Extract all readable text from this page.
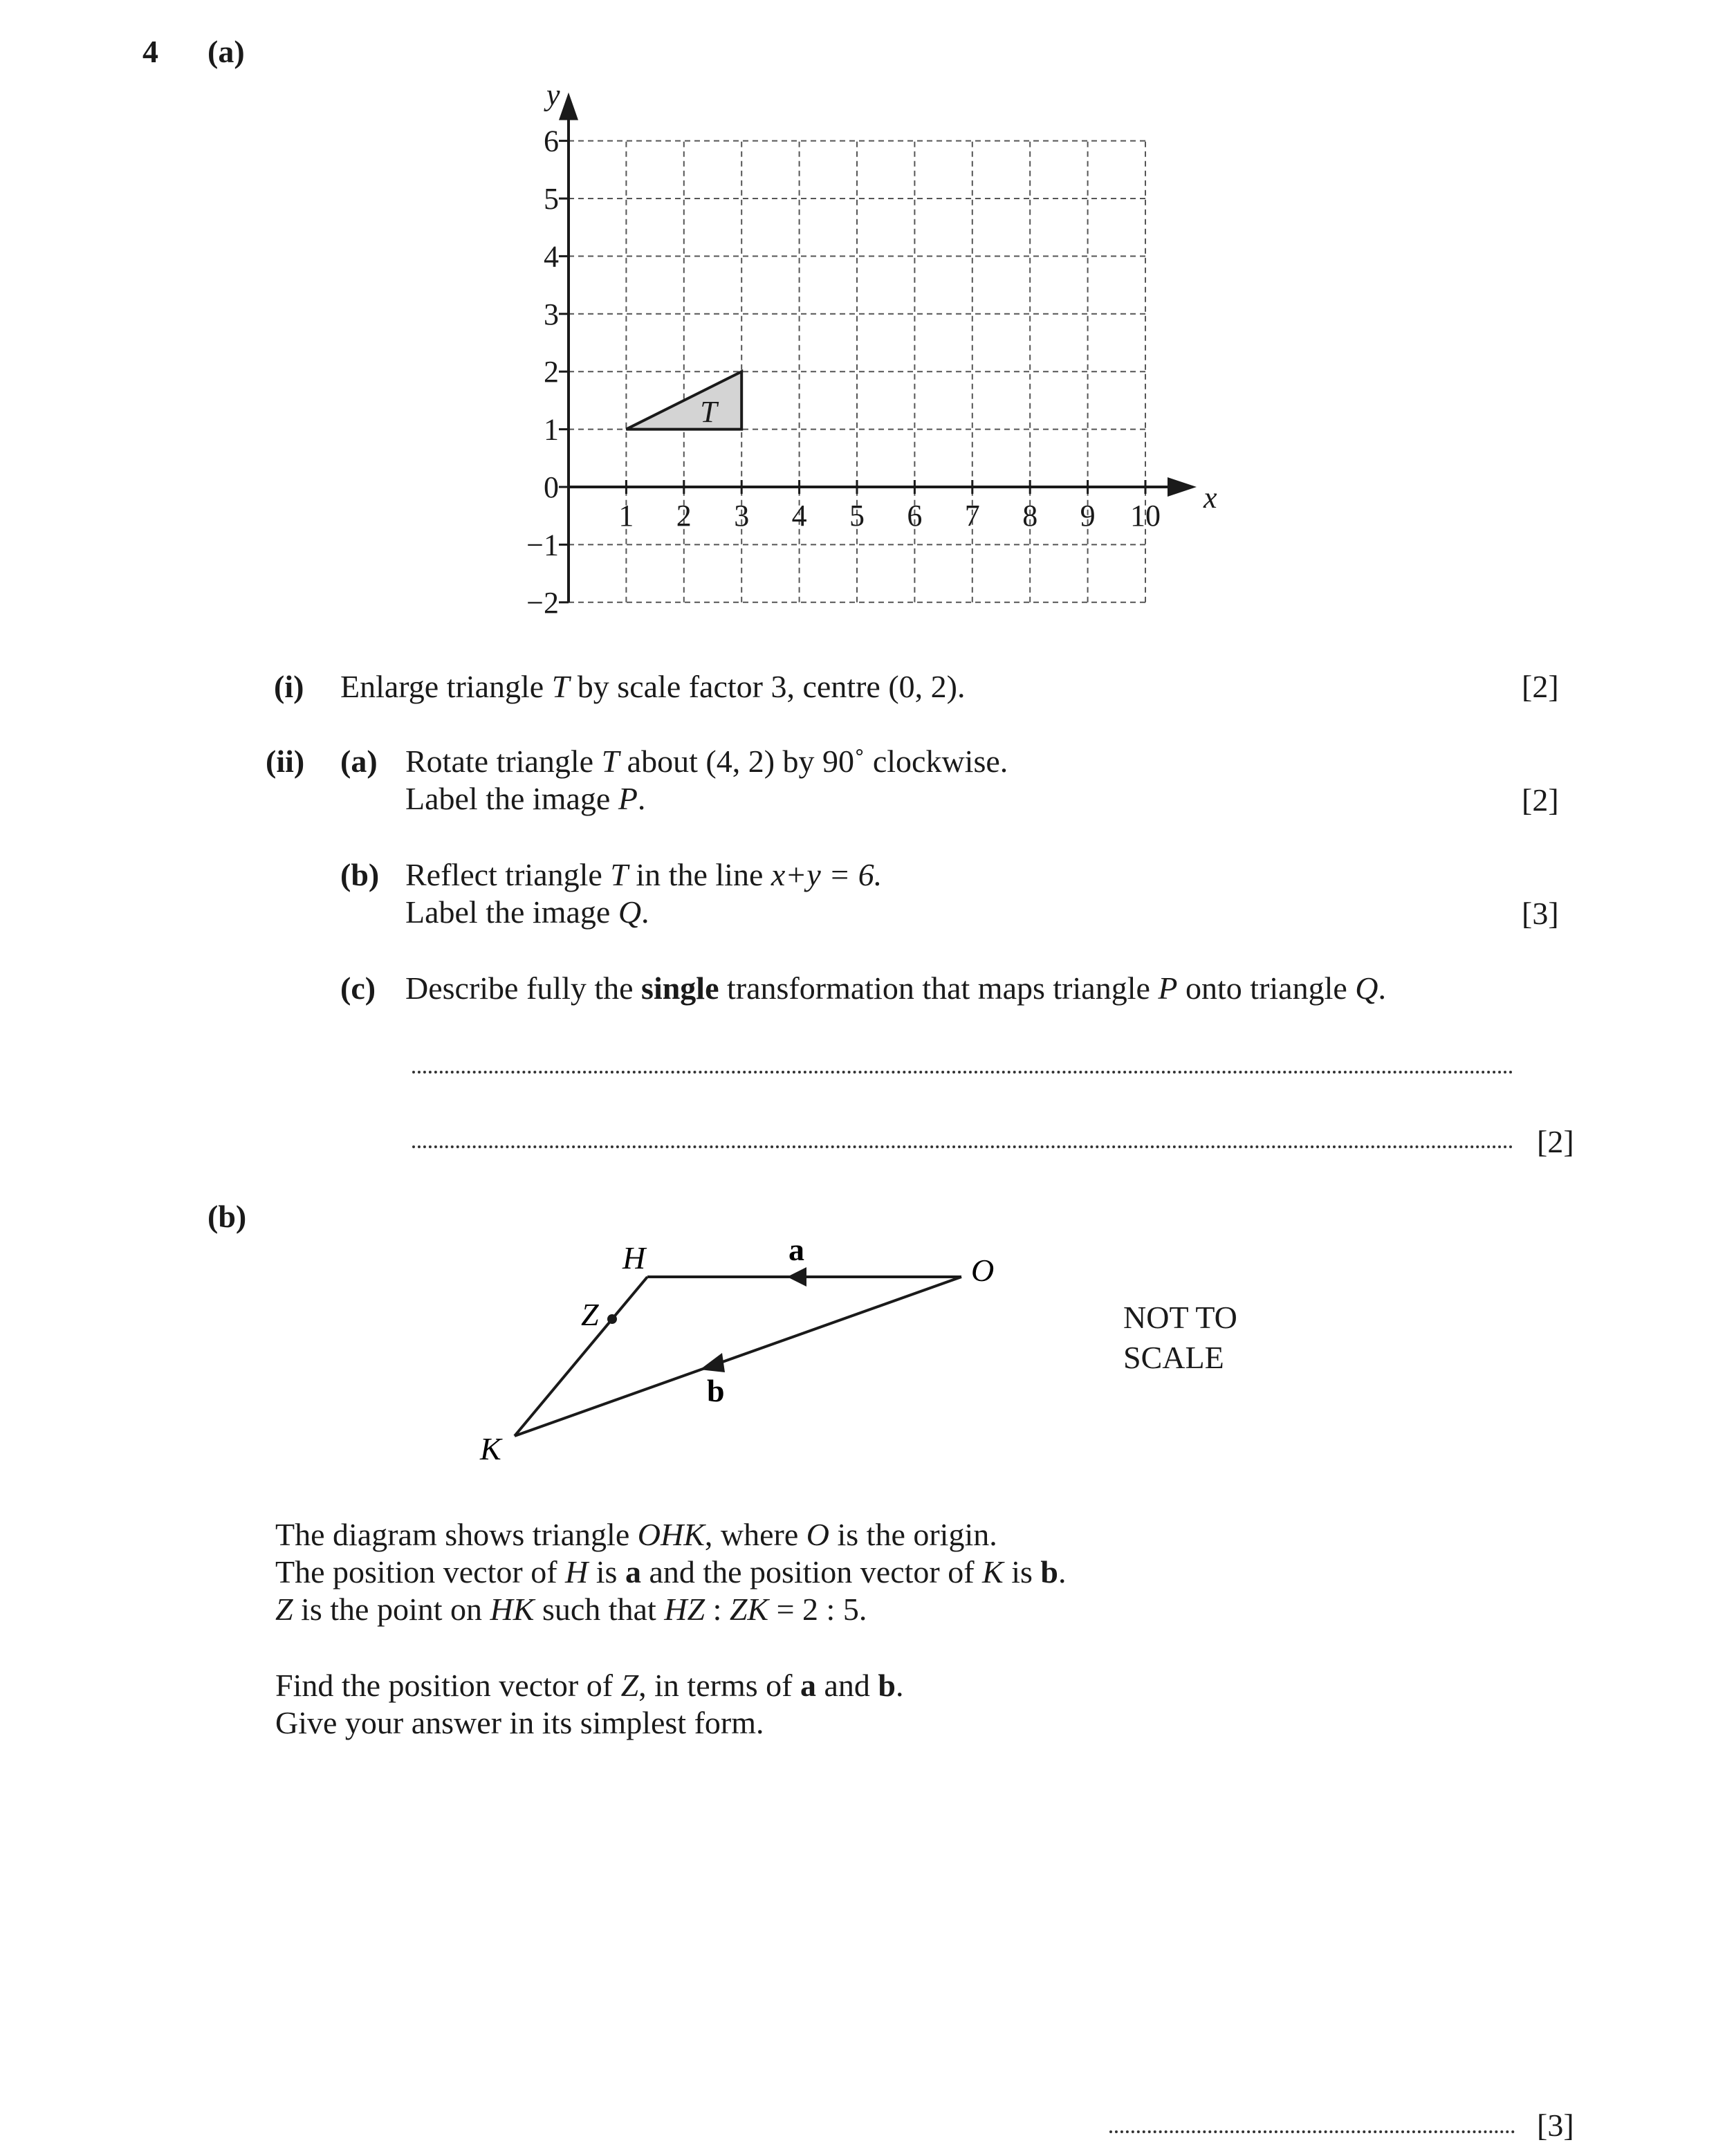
4 (a)
1 2 3 4 5 6 7 8 9 10
6
5
4
3
2
1
0
−1
−2
y
x
T
(i) Enlarge triangle T by scale factor 3, centre (0, 2).	[2]
(ii) (a) Rotate triangle T about (4, 2) by 90˚ clockwise.
Label the image P.	[2]
(b) Reflect triangle T in the line x+y = 6.
Label the image Q.	[3]
(c) Describe fully the single transformation that maps triangle P onto triangle Q.
[2]
(b)
H	a
O
Z
b
K
NOT TO
SCALE
The diagram shows triangle OHK, where O is the origin.
The position vector of H is a and the position vector of K is b.
Z is the point on HK such that HZ : ZK = 2 : 5.
Find the position vector of Z, in terms of a and b.
Give your answer in its simplest form.
[3]
